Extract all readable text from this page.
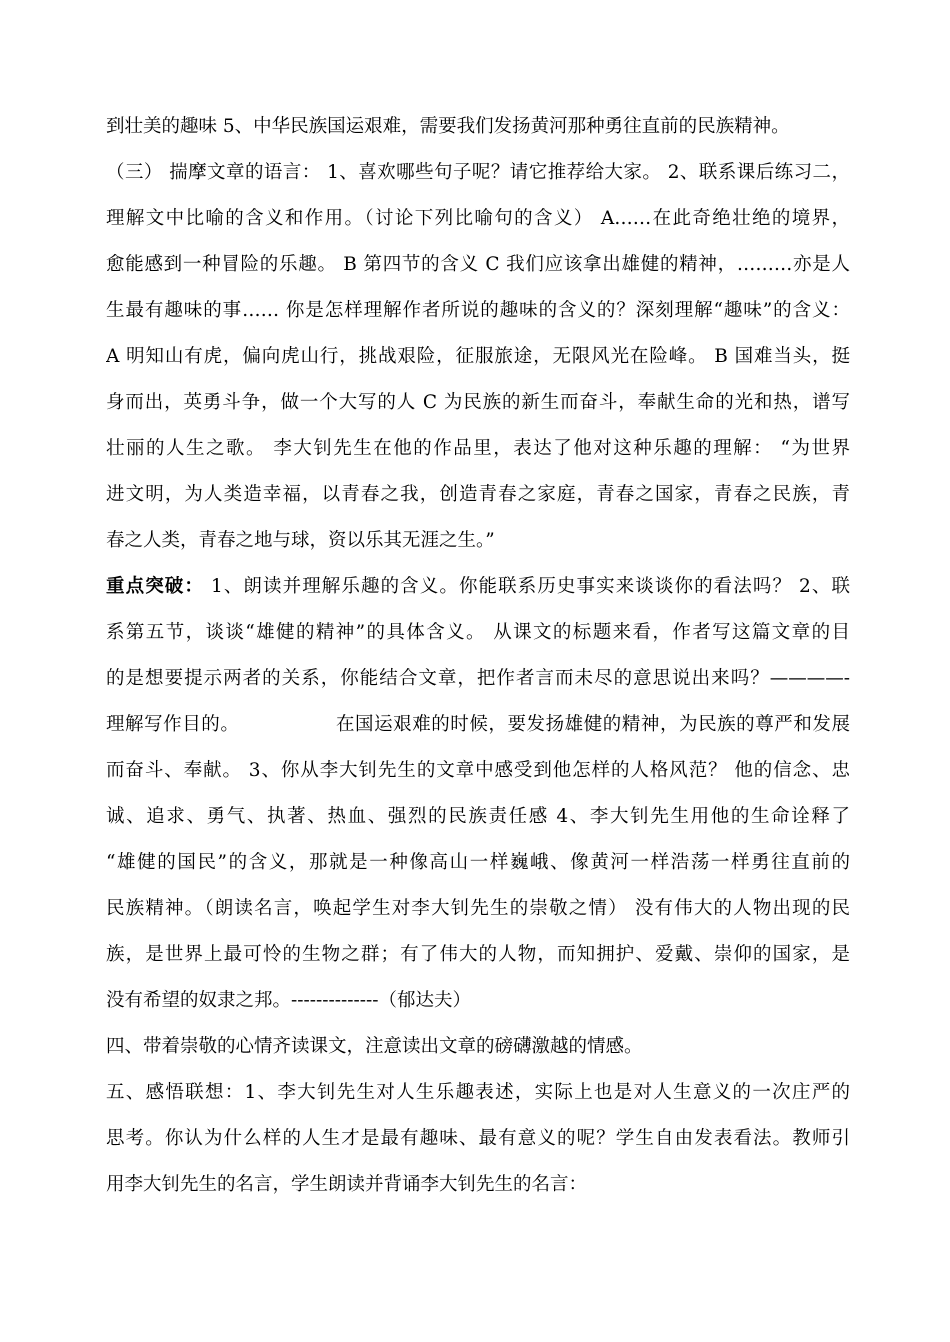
到壮美的趣味 5、中华民族国运艰难，需要我们发扬黄河那种勇往直前的民族精神。
（三） 揣摩文章的语言： 1、喜欢哪些句子呢？请它推荐给大家。 2、联系课后练习二，
理解文中比喻的含义和作用。（讨论下列比喻句的含义） A……在此奇绝壮绝的境界，
愈能感到一种冒险的乐趣。 B 第四节的含义 C 我们应该拿出雄健的精神，………亦是人
生最有趣味的事…… 你是怎样理解作者所说的趣味的含义的？深刻理解“趣味”的含义：
A 明知山有虎，偏向虎山行，挑战艰险，征服旅途，无限风光在险峰。 B 国难当头，挺
身而出，英勇斗争，做一个大写的人 C 为民族的新生而奋斗，奉献生命的光和热，谱写
壮丽的人生之歌。 李大钊先生在他的作品里，表达了他对这种乐趣的理解： “为世界
进文明，为人类造幸福，以青春之我，创造青春之家庭，青春之国家，青春之民族，青
春之人类，青春之地与球，资以乐其无涯之生。”
重点突破： 1、朗读并理解乐趣的含义。你能联系历史事实来谈谈你的看法吗？ 2、联
系第五节，谈谈“雄健的精神”的具体含义。 从课文的标题来看，作者写这篇文章的目
的是想要提示两者的关系，你能结合文章，把作者言而未尽的意思说出来吗？————-
理解写作目的。	在国运艰难的时候，要发扬雄健的精神，为民族的尊严和发展
而奋斗、奉献。 3、你从李大钊先生的文章中感受到他怎样的人格风范？ 他的信念、忠
诚、追求、勇气、执著、热血、强烈的民族责任感 4、李大钊先生用他的生命诠释了
“雄健的国民”的含义，那就是一种像高山一样巍峨、像黄河一样浩荡一样勇往直前的
民族精神。（朗读名言，唤起学生对李大钊先生的崇敬之情） 没有伟大的人物出现的民
族，是世界上最可怜的生物之群；有了伟大的人物，而知拥护、爱戴、崇仰的国家，是
没有希望的奴隶之邦。--------------（郁达夫）
四、带着崇敬的心情齐读课文，注意读出文章的磅礴激越的情感。
五、感悟联想：1、李大钊先生对人生乐趣表述，实际上也是对人生意义的一次庄严的
思考。你认为什么样的人生才是最有趣味、最有意义的呢？学生自由发表看法。教师引
用李大钊先生的名言，学生朗读并背诵李大钊先生的名言：
